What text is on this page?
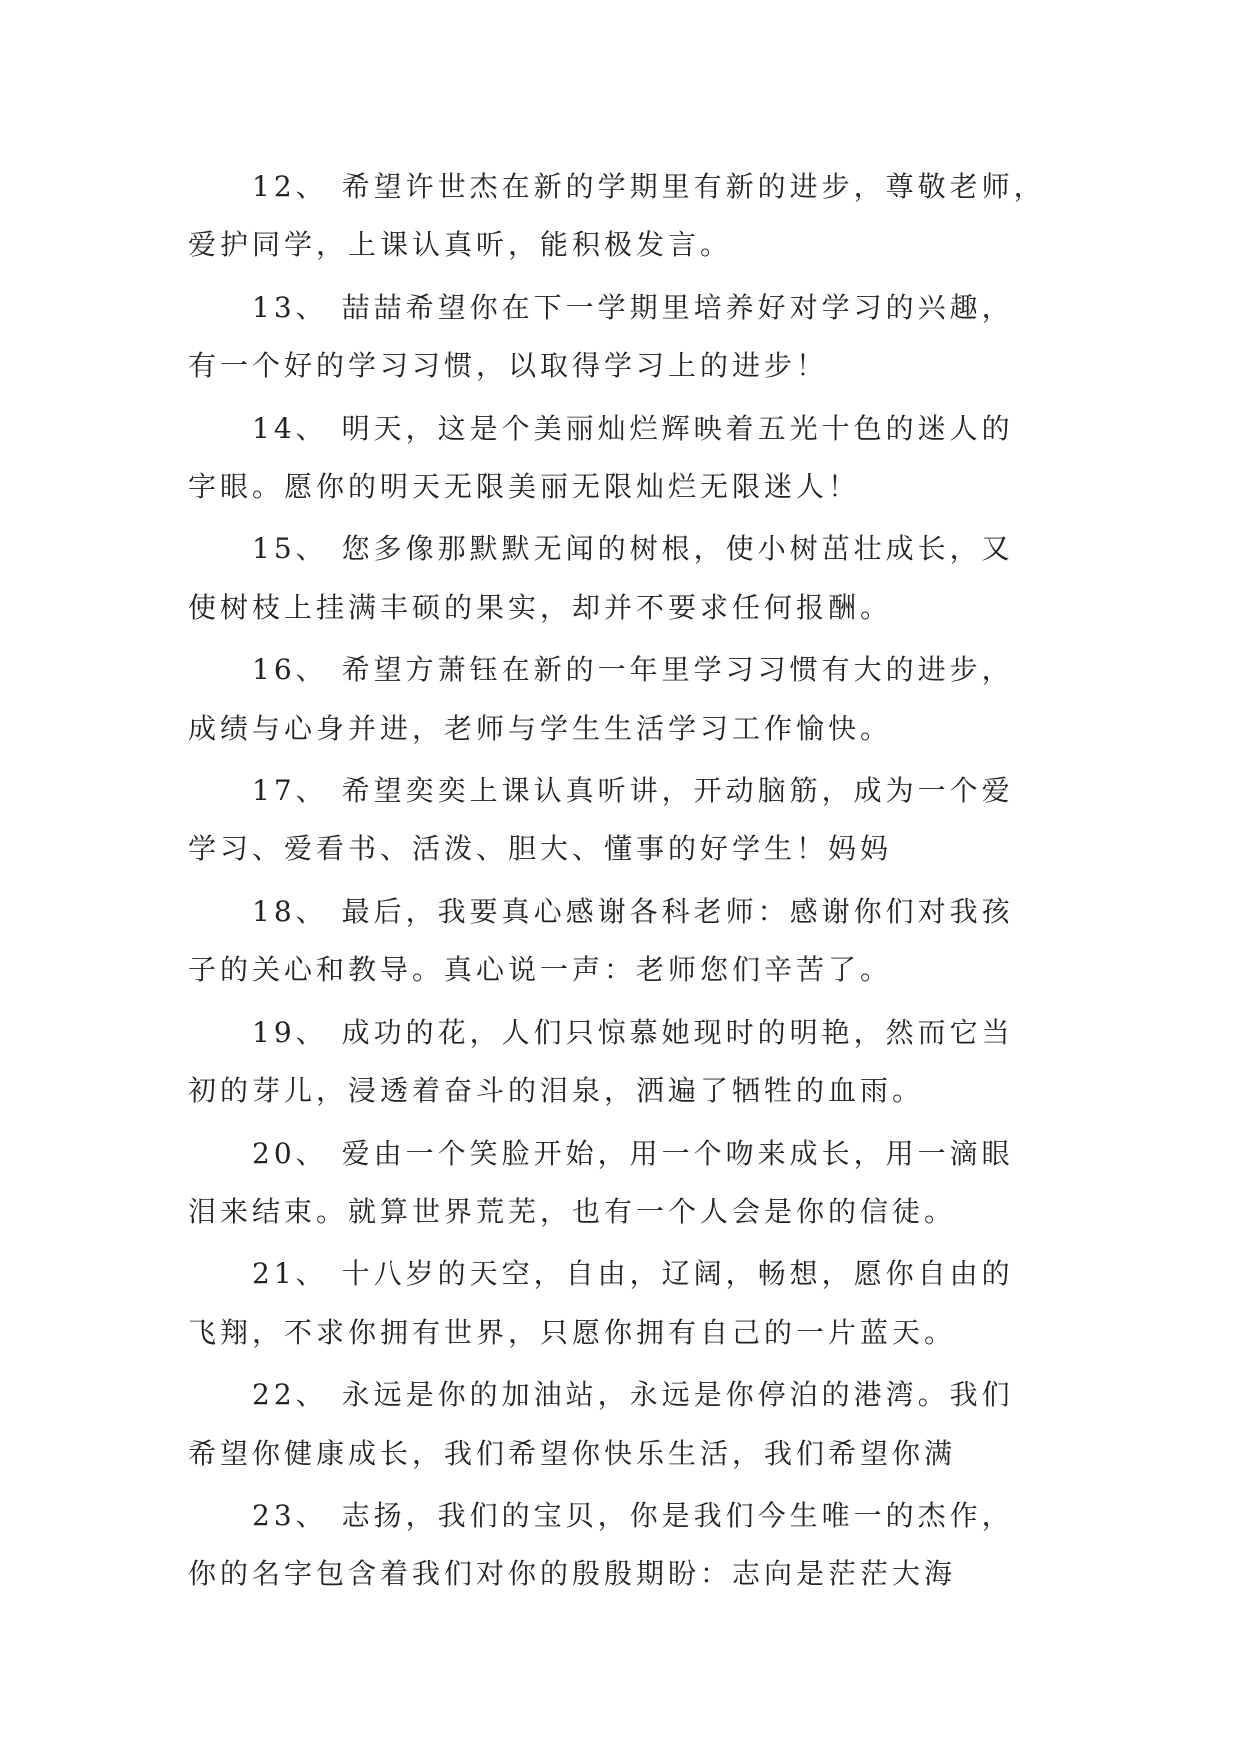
12、 希望许世杰在新的学期里有新的进步，尊敬老师，
爱护同学，上课认真听，能积极发言。

13、 喆喆希望你在下一学期里培养好对学习的兴趣，
有一个好的学习习惯，以取得学习上的进步！

14、 明天，这是个美丽灿烂辉映着五光十色的迷人的
字眼。愿你的明天无限美丽无限灿烂无限迷人！

15、 您多像那默默无闻的树根，使小树茁壮成长，又
使树枝上挂满丰硕的果实，却并不要求任何报酬。

16、 希望方萧钰在新的一年里学习习惯有大的进步，
成绩与心身并进，老师与学生生活学习工作愉快。

17、 希望奕奕上课认真听讲，开动脑筋，成为一个爱
学习、爱看书、活泼、胆大、懂事的好学生！妈妈

18、 最后，我要真心感谢各科老师：感谢你们对我孩
子的关心和教导。真心说一声：老师您们辛苦了。

19、 成功的花，人们只惊慕她现时的明艳，然而它当
初的芽儿，浸透着奋斗的泪泉，洒遍了牺牲的血雨。

20、 爱由一个笑脸开始，用一个吻来成长，用一滴眼
泪来结束。就算世界荒芜，也有一个人会是你的信徒。

21、 十八岁的天空，自由，辽阔，畅想，愿你自由的
飞翔，不求你拥有世界，只愿你拥有自己的一片蓝天。

22、 永远是你的加油站，永远是你停泊的港湾。我们
希望你健康成长，我们希望你快乐生活，我们希望你满

23、 志扬，我们的宝贝，你是我们今生唯一的杰作，
你的名字包含着我们对你的殷殷期盼：志向是茫茫大海
